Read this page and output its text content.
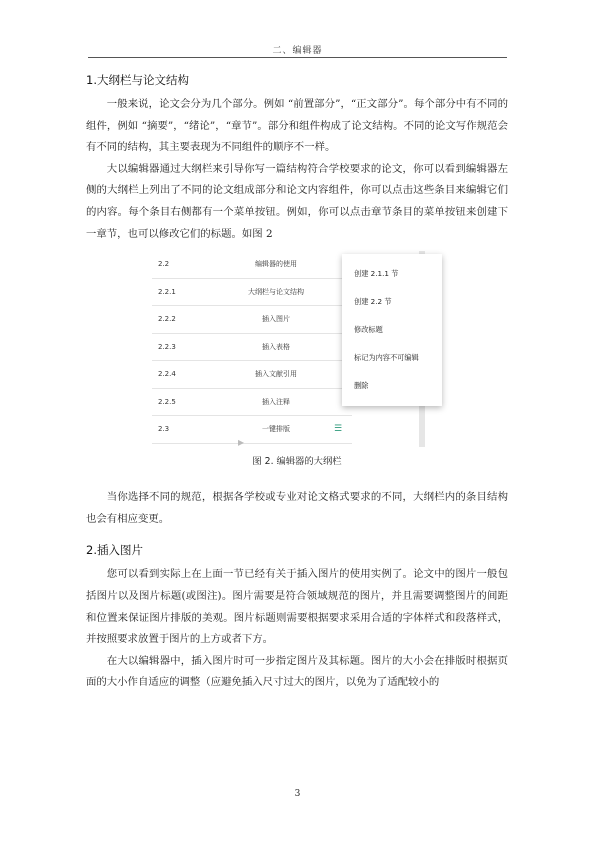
二、编辑器

1.大纲栏与论文结构

一般来说，论文会分为几个部分。例如 “前置部分”，“正文部分”。每个部分中有不同的组件，例如 “摘要”，“绪论”，“章节”。部分和组件构成了论文结构。不同的论文写作规范会有不同的结构，其主要表现为不同组件的顺序不一样。

大以编辑器通过大纲栏来引导你写一篇结构符合学校要求的论文，你可以看到编辑器左侧的大纲栏上列出了不同的论文组成部分和论文内容组件，你可以点击这些条目来编辑它们的内容。每个条目右侧都有一个菜单按钮。例如，你可以点击章节条目的菜单按钮来创建下一章节，也可以修改它们的标题。如图 2

2.2	编辑器的使用
2.2.1	大纲栏与论文结构
2.2.2	插入图片
2.2.3	插入表格
2.2.4	插入文献引用
2.2.5	插入注释
2.3	一键排版	☰
创建 2.1.1 节
创建 2.2 节
修改标题
标记为内容不可编辑
删除
▸

图 2. 编辑器的大纲栏

当你选择不同的规范，根据各学校或专业对论文格式要求的不同，大纲栏内的条目结构也会有相应变更。

2.插入图片

您可以看到实际上在上面一节已经有关于插入图片的使用实例了。论文中的图片一般包括图片以及图片标题(或图注)。图片需要是符合领域规范的图片，并且需要调整图片的间距和位置来保证图片排版的美观。图片标题则需要根据要求采用合适的字体样式和段落样式，并按照要求放置于图片的上方或者下方。

在大以编辑器中，插入图片时可一步指定图片及其标题。图片的大小会在排版时根据页面的大小作自适应的调整（应避免插入尺寸过大的图片，以免为了适配较小的

3
